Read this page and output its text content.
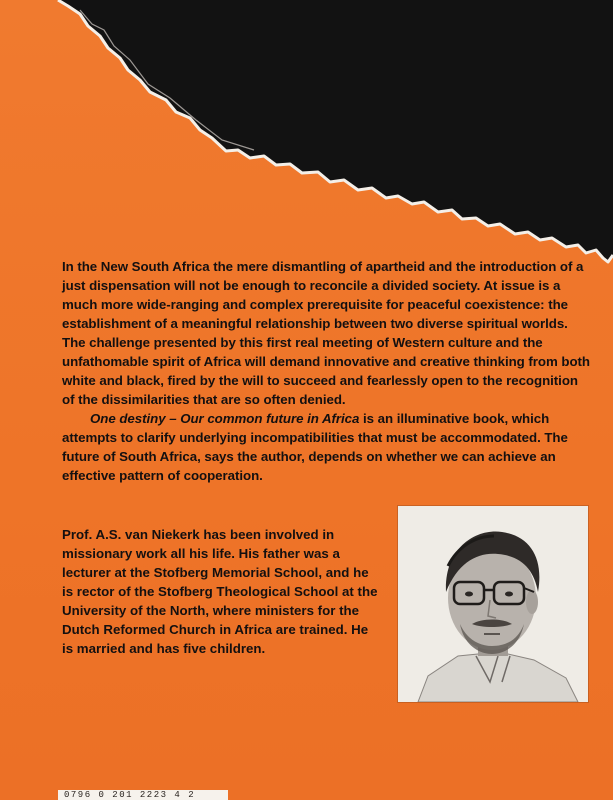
In the New South Africa the mere dismantling of apartheid and the introduction of a just dispensation will not be enough to reconcile a divided society. At issue is a much more wide-ranging and complex prerequisite for peaceful coexistence: the establishment of a meaningful relationship between two diverse spiritual worlds. The challenge presented by this first real meeting of Western culture and the unfathomable spirit of Africa will demand innovative and creative thinking from both white and black, fired by the will to succeed and fearlessly open to the recognition of the dissimilarities that are so often denied.

One destiny – Our common future in Africa is an illuminative book, which attempts to clarify underlying incompatibilities that must be accommodated. The future of South Africa, says the author, depends on whether we can achieve an effective pattern of cooperation.

Prof. A.S. van Niekerk has been involved in missionary work all his life. His father was a lecturer at the Stofberg Memorial School, and he is rector of the Stofberg Theological School at the University of the North, where ministers for the Dutch Reformed Church in Africa are trained. He is married and has five children.

0796 0 201 2223 4 2
